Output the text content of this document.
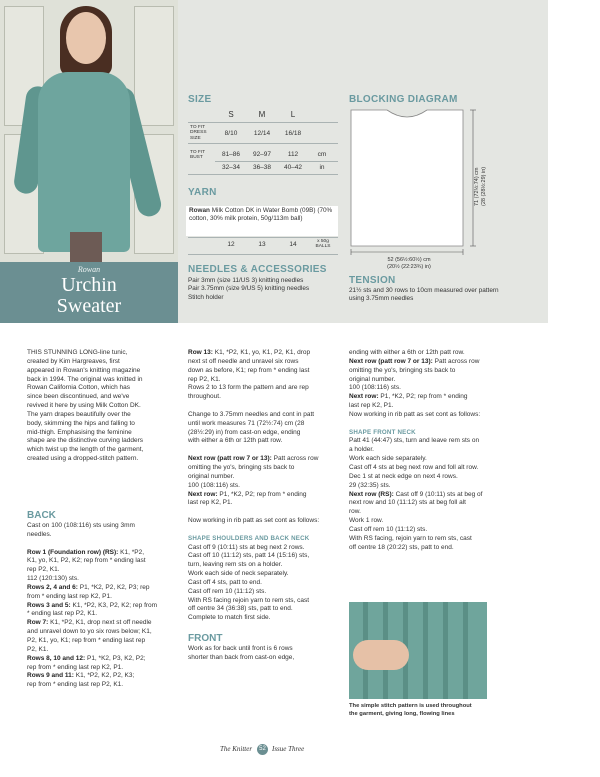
Rowan
Urchin
Sweater
SIZE
S	M	L
TO FIT
DRESS
SIZE
8/10	12/14	16/18
TO FIT
BUST	81–86	92–97	112	cm
32–34	36–38	40–42	in
YARN
Rowan Milk Cotton DK in Water Bomb (09B) (70% cotton, 30% milk protein, 50g/113m ball)
12	13	14	x 50g
BALLS
NEEDLES & ACCESSORIES
Pair 3mm (size 11/US 3) knitting needles
Pair 3.75mm (size 9/US 5) knitting needles
Stitch holder
BLOCKING DIAGRAM
71 (72½:74) cm (28 (28½:29) in)
52 (56½:60½) cm
(20½ (22:23¾) in)
TENSION
21½ sts and 30 rows to 10cm measured over pattern using 3.75mm needles

THIS STUNNING LONG-line tunic,

created by Kim Hargreaves, first

appeared in Rowan's knitting magazine

back in 1994. The original was knitted in

Rowan California Cotton, which has

since been discontinued, and we've

revived it here by using Milk Cotton DK.

The yarn drapes beautifully over the

body, skimming the hips and falling to

mid-thigh. Emphasising the feminine

shape are the distinctive curving ladders

which twist up the length of the garment,

created using a dropped-stitch pattern.

BACK

Cast on 100 (108:116) sts using 3mm

needles.

Row 1 (Foundation row) (RS): K1, *P2,

K1, yo, K1, P2, K2; rep from * ending last

rep P2, K1.

112 (120:130) sts.

Rows 2, 4 and 6: P1, *K2, P2, K2, P3; rep

from * ending last rep K2, P1.

Rows 3 and 5: K1, *P2, K3, P2, K2; rep from

* ending last rep P2, K1.

Row 7: K1, *P2, K1, drop next st off needle

and unravel down to yo six rows below; K1,

P2, K1, yo, K1; rep from * ending last rep

P2, K1.

Rows 8, 10 and 12: P1, *K2, P3, K2, P2;

rep from * ending last rep K2, P1.

Rows 9 and 11: K1, *P2, K2, P2, K3;

rep from * ending last rep P2, K1.

Row 13: K1, *P2, K1, yo, K1, P2, K1, drop

next st off needle and unravel six rows

down as before, K1; rep from * ending last

rep P2, K1.

Rows 2 to 13 form the pattern and are rep

throughout.

Change to 3.75mm needles and cont in patt

until work measures 71 (72½:74) cm (28

(28½:29) in) from cast-on edge, ending

with either a 6th or 12th patt row.

Next row (patt row 7 or 13): Patt across row

omitting the yo's, bringing sts back to

original number.

100 (108:116) sts.

Next row: P1, *K2, P2; rep from * ending

last rep K2, P1.

Now working in rib patt as set cont as follows:

SHAPE SHOULDERS AND BACK NECK

Cast off 9 (10:11) sts at beg next 2 rows.

Cast off 10 (11:12) sts, patt 14 (15:16) sts,

turn, leaving rem sts on a holder.

Work each side of neck separately.

Cast off 4 sts, patt to end.

Cast off rem 10 (11:12) sts.

With RS facing rejoin yarn to rem sts, cast

off centre 34 (36:38) sts, patt to end.

Complete to match first side.

FRONT

Work as for back until front is 6 rows

shorter than back from cast-on edge,

ending with either a 6th or 12th patt row.

Next row (patt row 7 or 13): Patt across row

omitting the yo's, bringing sts back to

original number.

100 (108:116) sts.

Next row: P1, *K2, P2; rep from * ending

last rep K2, P1.

Now working in rib patt as set cont as follows:

SHAPE FRONT NECK

Patt 41 (44:47) sts, turn and leave rem sts on

a holder.

Work each side separately.

Cast off 4 sts at beg next row and foll alt row.

Dec 1 st at neck edge on next 4 rows.

29 (32:35) sts.

Next row (RS): Cast off 9 (10:11) sts at beg of

next row and 10 (11:12) sts at beg foll alt

row.

Work 1 row.

Cast off rem 10 (11:12) sts.

With RS facing, rejoin yarn to rem sts, cast

off centre 18 (20:22) sts, patt to end.

The simple stitch pattern is used throughout
the garment, giving long, flowing lines
The Knitter	52 Issue Three
